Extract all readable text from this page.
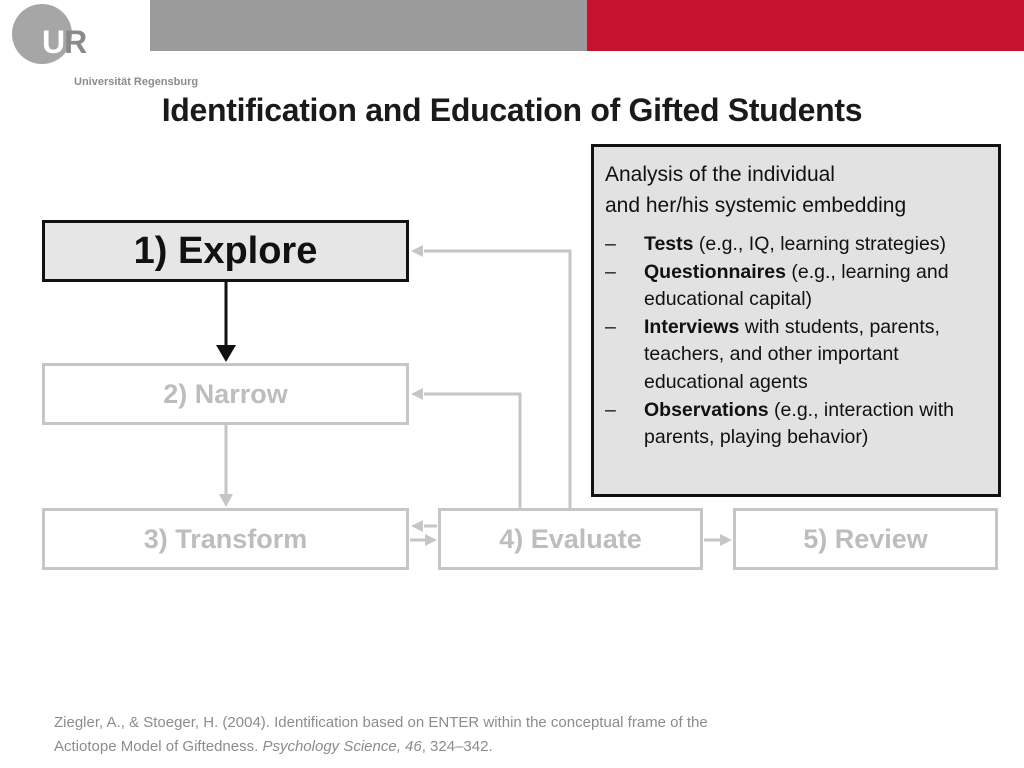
UR
Universität Regensburg
Identification and Education of Gifted Students
1) Explore
2) Narrow
3) Transform	4) Evaluate	5) Review
Analysis of the individual
and her/his systemic embedding
– Tests (e.g., IQ, learning strategies)
– Questionnaires (e.g., learning and educational capital)
– Interviews with students, parents, teachers, and other important educational agents
– Observations (e.g., interaction with parents, playing behavior)
Ziegler, A., & Stoeger, H. (2004). Identification based on ENTER within the conceptual frame of the
Actiotope Model of Giftedness. Psychology Science, 46, 324–342.
